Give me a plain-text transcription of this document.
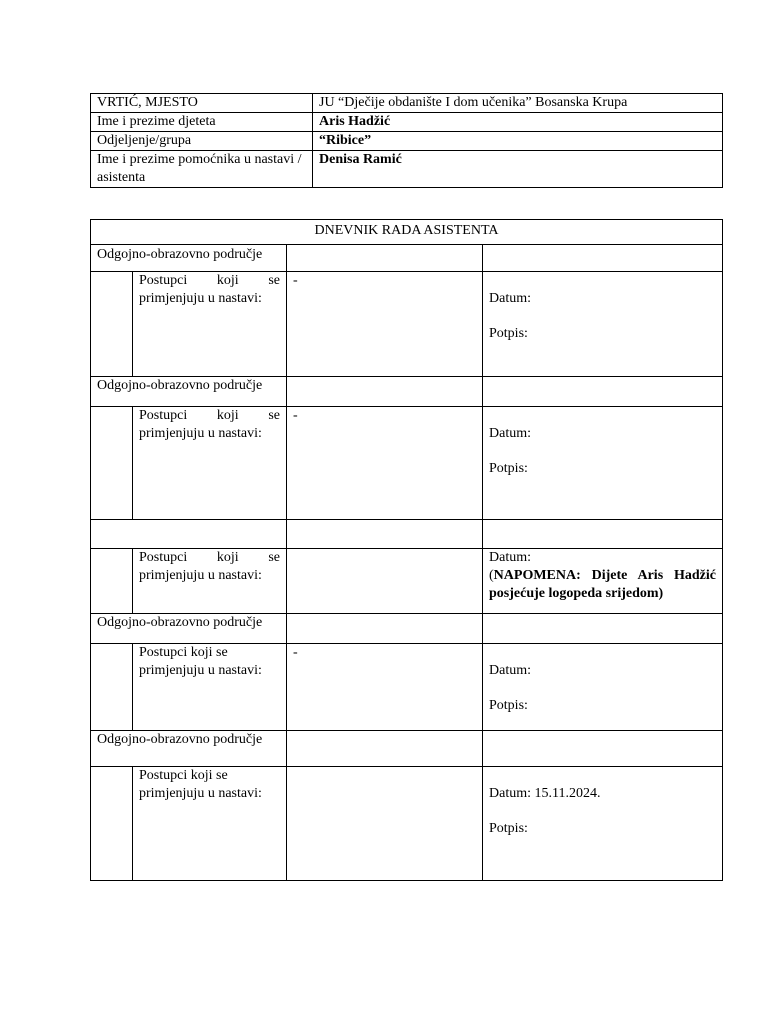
VRTIĆ, MJESTO	JU “Dječije obdanište I dom učenika” Bosanska Krupa
Ime i prezime djeteta	Aris Hadžić
Odjeljenje/grupa	“Ribice”
Ime i prezime pomoćnika u nastavi / asistenta	Denisa Ramić
DNEVNIK RADA ASISTENTA			
Odgojno-obrazovno područje			
	Postupci koji se primjenjuju u nastavi:	-	Datum:
Potpis:

Odgojno-obrazovno područje			
	Postupci koji se primjenjuju u nastavi:	-	Datum:
Potpis:

	Postupci koji se primjenjuju u nastavi:		Datum:
(NAPOMENA: Dijete Aris Hadžić posjećuje logopeda srijedom)

Odgojno-obrazovno područje			
	Postupci koji se primjenjuju u nastavi:	-	Datum:
Potpis:

Odgojno-obrazovno područje			
	Postupci koji se primjenjuju u nastavi:		Datum: 15.11.2024.
Potpis:
